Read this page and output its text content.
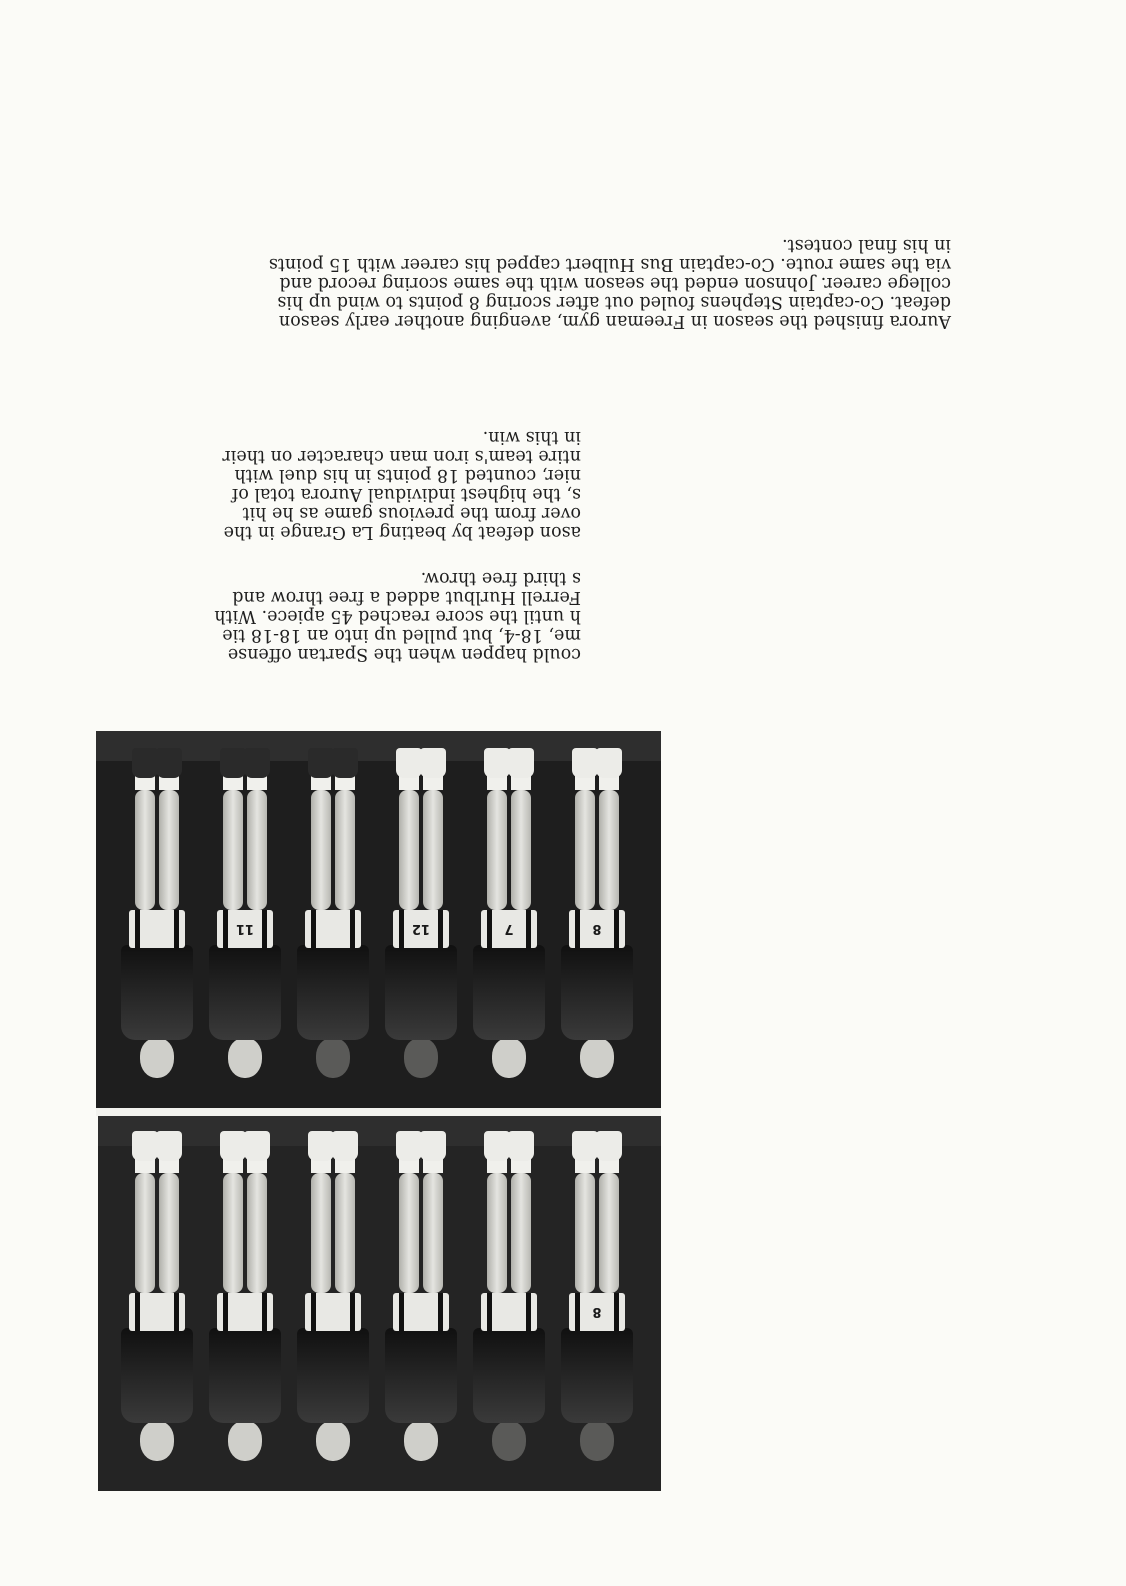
8
8
7
12
11
could happen when the Spartan offense
me, 18-4, but pulled up into an 18-18 tie
h until the score reached 45 apiece. With
Ferrell Hurlbut added a free throw and
s third free throw.
ason defeat by beating La Grange in the
over from the previous game as he hit
s, the highest individual Aurora total of
nier, counted 18 points in his duel with
ntire team's iron man character on their
in this win.
Aurora finished the season in Freeman gym, avenging another early season
defeat. Co-captain Stephens fouled out after scoring 8 points to wind up his
college career. Johnson ended the season with the same scoring record and
via the same route. Co-captain Bus Hulbert capped his career with 15 points
in his final contest.
